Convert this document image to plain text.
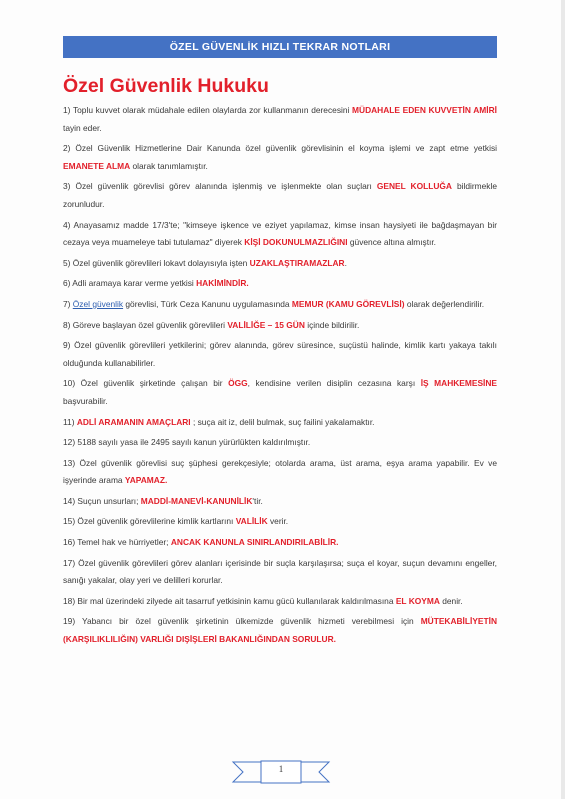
ÖZEL GÜVENLİK HIZLI TEKRAR NOTLARI
Özel Güvenlik Hukuku

1) Toplu kuvvet olarak müdahale edilen olaylarda zor kullanmanın derecesini MÜDAHALE EDEN KUVVETİN AMİRİ tayin eder.

2) Özel Güvenlik Hizmetlerine Dair Kanunda özel güvenlik görevlisinin el koyma işlemi ve zapt etme yetkisi EMANETE ALMA olarak tanımlamıştır.

3) Özel güvenlik görevlisi görev alanında işlenmiş ve işlenmekte olan suçları GENEL KOLLUĞA bildirmekle zorunludur.

4) Anayasamız madde 17/3'te; "kimseye işkence ve eziyet yapılamaz, kimse insan haysiyeti ile bağdaşmayan bir cezaya veya muameleye tabi tutulamaz" diyerek KİŞİ DOKUNULMAZLIĞINI güvence altına almıştır.

5) Özel güvenlik görevlileri lokavt dolayısıyla işten UZAKLAŞTIRAMAZLAR.

6) Adli aramaya karar verme yetkisi HAKİMİNDİR.

7) Özel güvenlik görevlisi, Türk Ceza Kanunu uygulamasında MEMUR (KAMU GÖREVLİSİ) olarak değerlendirilir.

8) Göreve başlayan özel güvenlik görevlileri VALİLİĞE – 15 GÜN içinde bildirilir.

9) Özel güvenlik görevlileri yetkilerini; görev alanında, görev süresince, suçüstü halinde, kimlik kartı yakaya takılı olduğunda kullanabilirler.

10) Özel güvenlik şirketinde çalışan bir ÖGG, kendisine verilen disiplin cezasına karşı İŞ MAHKEMESİNE başvurabilir.

11) ADLİ ARAMANIN AMAÇLARI ; suça ait iz, delil bulmak, suç failini yakalamaktır.

12) 5188 sayılı yasa ile 2495 sayılı kanun yürürlükten kaldırılmıştır.

13) Özel güvenlik görevlisi suç şüphesi gerekçesiyle; otolarda arama, üst arama, eşya arama yapabilir. Ev ve işyerinde arama YAPAMAZ.

14) Suçun unsurları; MADDİ-MANEVİ-KANUNİLİK'tir.

15) Özel güvenlik görevlilerine kimlik kartlarını VALİLİK verir.

16) Temel hak ve hürriyetler; ANCAK KANUNLA SINIRLANDIRILABİLİR.

17) Özel güvenlik görevlileri görev alanları içerisinde bir suçla karşılaşırsa; suça el koyar, suçun devamını engeller, sanığı yakalar, olay yeri ve delilleri korurlar.

18) Bir mal üzerindeki zilyede ait tasarruf yetkisinin kamu gücü kullanılarak kaldırılmasına EL KOYMA denir.

19) Yabancı bir özel güvenlik şirketinin ülkemizde güvenlik hizmeti verebilmesi için MÜTEKABİLİYETİN (KARŞILIKLILIĞIN) VARLIĞI DIŞİŞLERİ BAKANLIĞINDAN SORULUR.

1
